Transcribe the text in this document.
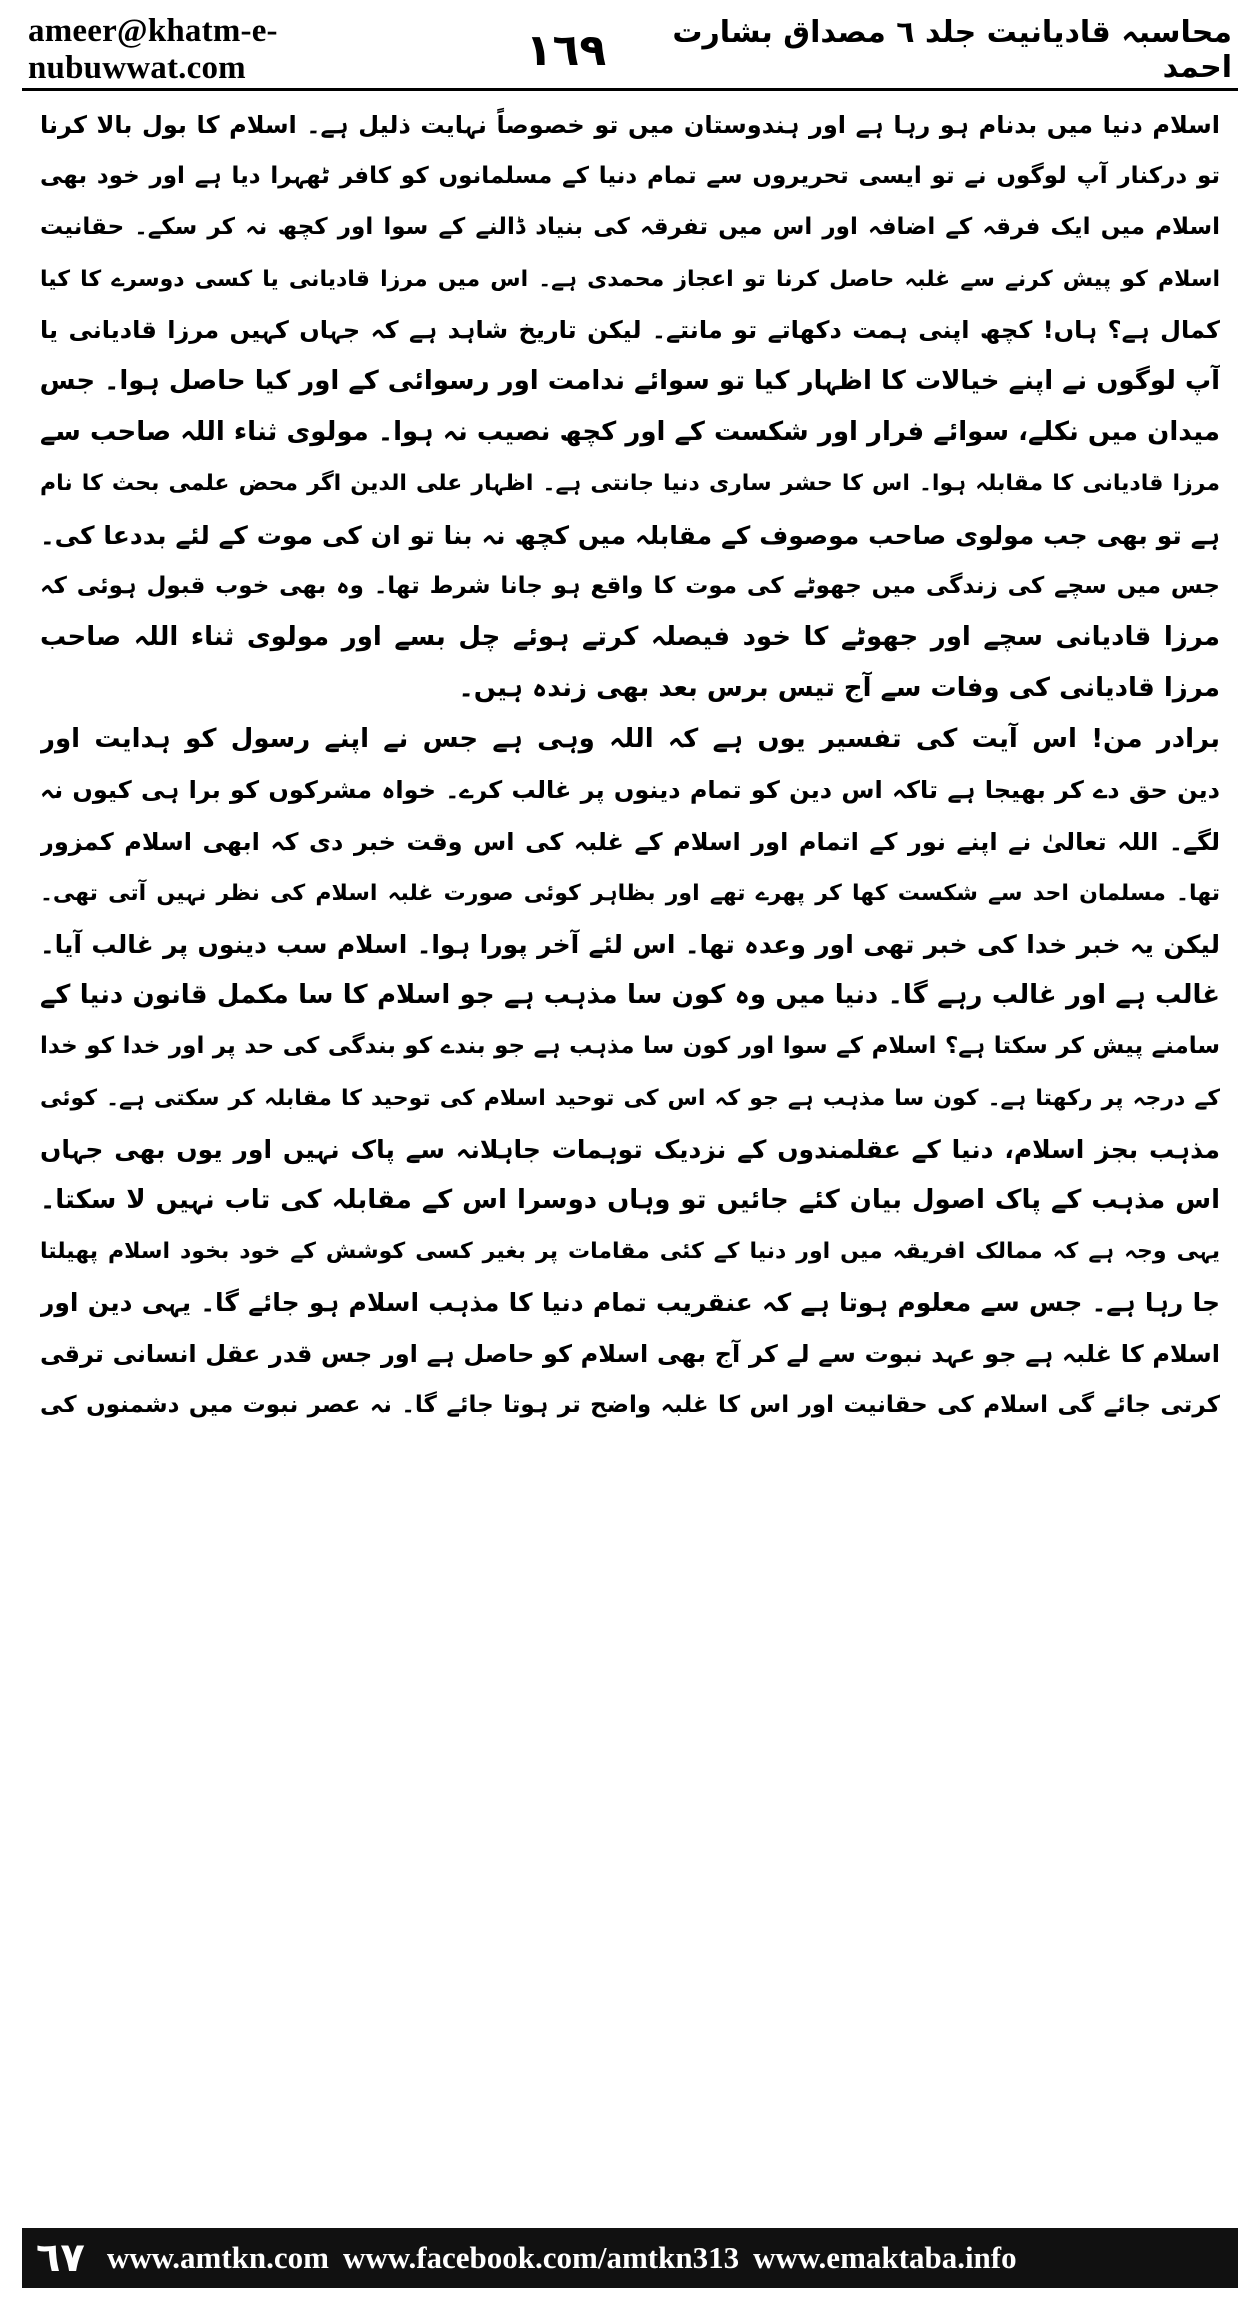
ameer@khatm-e-nubuwwat.com	١٦٩	محاسبہ قادیانیت جلد ٦ مصداق بشارت احمد
اسلام دنیا میں بدنام ہو رہا ہے اور ہندوستان میں تو خصوصاً نہایت ذلیل ہے۔ اسلام کا بول بالا کرنا
تو درکنار آپ لوگوں نے تو ایسی تحریروں سے تمام دنیا کے مسلمانوں کو کافر ٹھہرا دیا ہے اور خود بھی
اسلام میں ایک فرقہ کے اضافہ اور اس میں تفرقہ کی بنیاد ڈالنے کے سوا اور کچھ نہ کر سکے۔ حقانیت
اسلام کو پیش کرنے سے غلبہ حاصل کرنا تو اعجاز محمدی ہے۔ اس میں مرزا قادیانی یا کسی دوسرے کا کیا
کمال ہے؟ ہاں! کچھ اپنی ہمت دکھاتے تو مانتے۔ لیکن تاریخ شاہد ہے کہ جہاں کہیں مرزا قادیانی یا
آپ لوگوں نے اپنے خیالات کا اظہار کیا تو سوائے ندامت اور رسوائی کے اور کیا حاصل ہوا۔ جس
میدان میں نکلے، سوائے فرار اور شکست کے اور کچھ نصیب نہ ہوا۔ مولوی ثناء اللہ صاحب سے
مرزا قادیانی کا مقابلہ ہوا۔ اس کا حشر ساری دنیا جانتی ہے۔ اظہار علی الدین اگر محض علمی بحث کا نام
ہے تو بھی جب مولوی صاحب موصوف کے مقابلہ میں کچھ نہ بنا تو ان کی موت کے لئے بددعا کی۔
جس میں سچے کی زندگی میں جھوٹے کی موت کا واقع ہو جانا شرط تھا۔ وہ بھی خوب قبول ہوئی کہ
مرزا قادیانی سچے اور جھوٹے کا خود فیصلہ کرتے ہوئے چل بسے اور مولوی ثناء اللہ صاحب
مرزا قادیانی کی وفات سے آج تیس برس بعد بھی زندہ ہیں۔
برادر من! اس آیت کی تفسیر یوں ہے کہ اللہ وہی ہے جس نے اپنے رسول کو ہدایت اور
دین حق دے کر بھیجا ہے تاکہ اس دین کو تمام دینوں پر غالب کرے۔ خواہ مشرکوں کو برا ہی کیوں نہ
لگے۔ اللہ تعالیٰ نے اپنے نور کے اتمام اور اسلام کے غلبہ کی اس وقت خبر دی کہ ابھی اسلام کمزور
تھا۔ مسلمان احد سے شکست کھا کر پھرے تھے اور بظاہر کوئی صورت غلبہ اسلام کی نظر نہیں آتی تھی۔
لیکن یہ خبر خدا کی خبر تھی اور وعدہ تھا۔ اس لئے آخر پورا ہوا۔ اسلام سب دینوں پر غالب آیا۔
غالب ہے اور غالب رہے گا۔ دنیا میں وہ کون سا مذہب ہے جو اسلام کا سا مکمل قانون دنیا کے
سامنے پیش کر سکتا ہے؟ اسلام کے سوا اور کون سا مذہب ہے جو بندے کو بندگی کی حد پر اور خدا کو خدا
کے درجہ پر رکھتا ہے۔ کون سا مذہب ہے جو کہ اس کی توحید اسلام کی توحید کا مقابلہ کر سکتی ہے۔ کوئی
مذہب بجز اسلام، دنیا کے عقلمندوں کے نزدیک توہمات جاہلانہ سے پاک نہیں اور یوں بھی جہاں
اس مذہب کے پاک اصول بیان کئے جائیں تو وہاں دوسرا اس کے مقابلہ کی تاب نہیں لا سکتا۔
یہی وجہ ہے کہ ممالک افریقہ میں اور دنیا کے کئی مقامات پر بغیر کسی کوشش کے خود بخود اسلام پھیلتا
جا رہا ہے۔ جس سے معلوم ہوتا ہے کہ عنقریب تمام دنیا کا مذہب اسلام ہو جائے گا۔ یہی دین اور
اسلام کا غلبہ ہے جو عہد نبوت سے لے کر آج بھی اسلام کو حاصل ہے اور جس قدر عقل انسانی ترقی
کرتی جائے گی اسلام کی حقانیت اور اس کا غلبہ واضح تر ہوتا جائے گا۔ نہ عصر نبوت میں دشمنوں کی
٦٧ www.amtkn.com www.facebook.com/amtkn313 www.emaktaba.info
